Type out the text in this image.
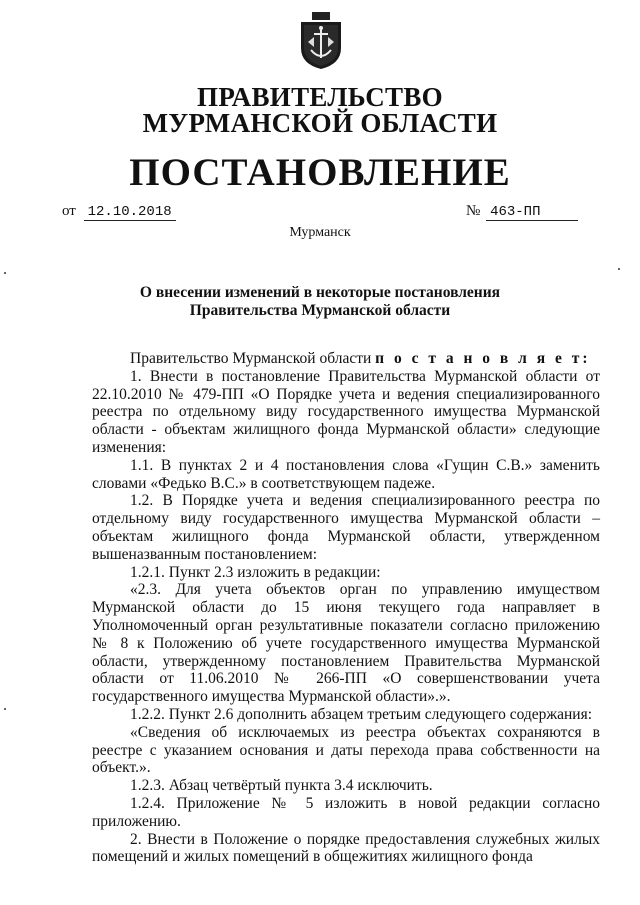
ПРАВИТЕЛЬСТВО
МУРМАНСКОЙ ОБЛАСТИ
ПОСТАНОВЛЕНИЕ
от 12.10.2018	№ 463-ПП
Мурманск
О внесении изменений в некоторые постановления
Правительства Мурманской области

Правительство Мурманской области п о с т а н о в л я е т:

1. Внести в постановление Правительства Мурманской области от 22.10.2010 № 479-ПП «О Порядке учета и ведения специализированного реестра по отдельному виду государственного имущества Мурманской области - объектам жилищного фонда Мурманской области» следующие изменения:

1.1. В пунктах 2 и 4 постановления слова «Гущин С.В.» заменить словами «Федько В.С.» в соответствующем падеже.

1.2. В Порядке учета и ведения специализированного реестра по отдельному виду государственного имущества Мурманской области – объектам жилищного фонда Мурманской области, утвержденном вышеназванным постановлением:

1.2.1. Пункт 2.3 изложить в редакции:

«2.3. Для учета объектов орган по управлению имуществом Мурманской области до 15 июня текущего года направляет в Уполномоченный орган результативные показатели согласно приложению № 8 к Положению об учете государственного имущества Мурманской области, утвержденному постановлением Правительства Мурманской области от 11.06.2010 № 266-ПП «О совершенствовании учета государственного имущества Мурманской области».».

1.2.2. Пункт 2.6 дополнить абзацем третьим следующего содержания:

«Сведения об исключаемых из реестра объектах сохраняются в реестре с указанием основания и даты перехода права собственности на объект.».

1.2.3. Абзац четвёртый пункта 3.4 исключить.

1.2.4. Приложение № 5 изложить в новой редакции согласно приложению.

2. Внести в Положение о порядке предоставления служебных жилых помещений и жилых помещений в общежитиях жилищного фонда
